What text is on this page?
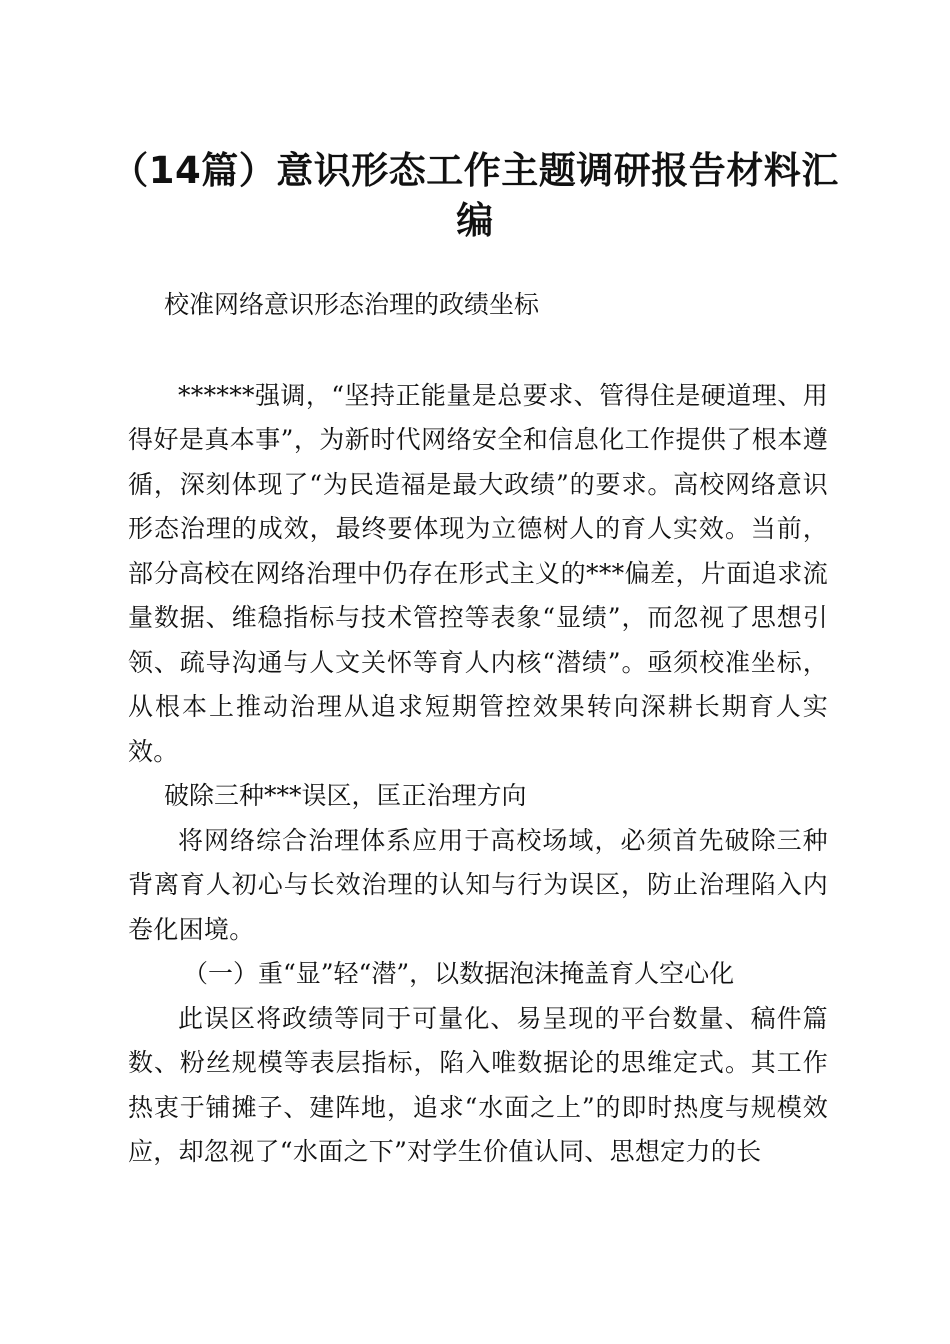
（14篇）意识形态工作主题调研报告材料汇编

校准网络意识形态治理的政绩坐标

******强调，“坚持正能量是总要求、管得住是硬道理、用得好是真本事”，为新时代网络安全和信息化工作提供了根本遵循，深刻体现了“为民造福是最大政绩”的要求。高校网络意识形态治理的成效，最终要体现为立德树人的育人实效。当前，部分高校在网络治理中仍存在形式主义的***偏差，片面追求流量数据、维稳指标与技术管控等表象“显绩”，而忽视了思想引领、疏导沟通与人文关怀等育人内核“潜绩”。亟须校准坐标，从根本上推动治理从追求短期管控效果转向深耕长期育人实效。

破除三种***误区，匡正治理方向

将网络综合治理体系应用于高校场域，必须首先破除三种背离育人初心与长效治理的认知与行为误区，防止治理陷入内卷化困境。

（一）重“显”轻“潜”，以数据泡沫掩盖育人空心化

此误区将政绩等同于可量化、易呈现的平台数量、稿件篇数、粉丝规模等表层指标，陷入唯数据论的思维定式。其工作热衷于铺摊子、建阵地，追求“水面之上”的即时热度与规模效应，却忽视了“水面之下”对学生价值认同、思想定力的长
